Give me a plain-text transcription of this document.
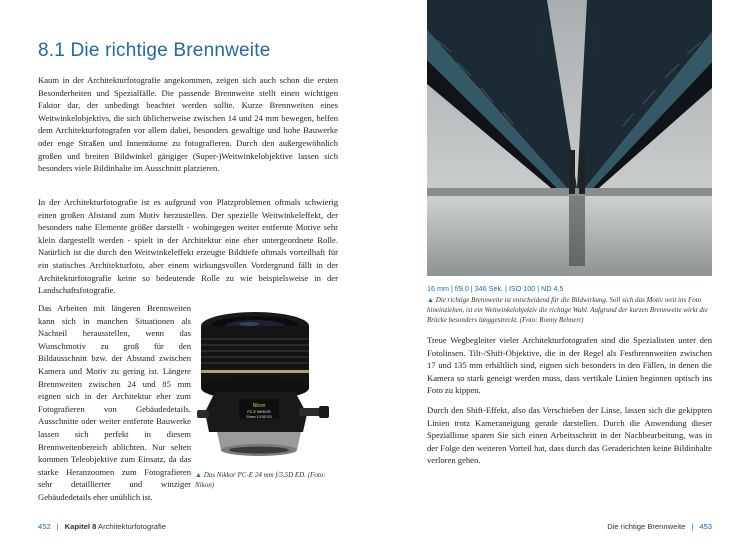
8.1 Die richtige Brennweite

Kaum in der Architekturfotografie angekommen, zeigen sich auch schon die ersten Besonderheiten und Spezialfälle. Die passende Brennweite stellt einen wichtigen Faktor dar, der unbedingt beachtet werden sollte. Kurze Brennweiten eines Weitwinkelobjektivs, die sich üblicherweise zwischen 14 und 24 mm bewegen, helfen dem Architekturfotografen vor allem dabei, besonders gewaltige und hohe Bauwerke oder enge Straßen und Innenräume zu fotografieren. Durch den außergewöhnlich großen und breiten Bildwinkel gängiger (Super-)Weitwinkelobjektive lassen sich besonders viele Bildinhalte im Ausschnitt platzieren.

In der Architekturfotografie ist es aufgrund von Platzproblemen oftmals schwierig einen großen Abstand zum Motiv herzustellen. Der spezielle Weitwinkeleffekt, der besonders nahe Elemente größer darstellt - wohingegen weiter entfernte Motive sehr klein dargestellt werden - spielt in der Architektur eine eher untergeordnete Rolle. Natürlich ist die durch den Weitwinkeleffekt erzeugte Bildtiefe oftmals vorteilhaft für ein statisches Architekturfoto, aber einem wirkungsvollen Vordergrund fällt in der Architekturfotografie keine so bedeutende Rolle zu wie beispielsweise in der Landschaftsfotografie.

Das Arbeiten mit längeren Brennweiten kann sich in manchen Situationen als Nachteil herausstellen, wenn das Wunschmotiv zu groß für den Bildausschnitt bzw. der Abstand zwischen Kamera und Motiv zu gering ist. Längere Brennweiten zwischen 24 und 85 mm eignen sich in der Architektur eher zum Fotografieren von Gebäudedetails. Ausschnitte oder weiter entfernte Bauwerke lassen sich perfekt in diesem Brennweitenbereich ablichten. Nur selten kommen Teleobjektive zum Einsatz, da das starke Heranzoomen zum Fotografieren sehr detaillierter und winziger Gebäudedetails eher unüblich ist.

Nikon
PC-E NIKKOR
24mm 1:3.5D ED

▲ Das Nikkor PC-E 24 mm f/3,5D ED. (Foto: Nikon)

452 | Kapitel 8 Architekturfotografie

16 mm | f/9,0 | 346 Sek. | ISO 100 | ND 4,5

▲ Die richtige Brennweite ist entscheidend für die Bildwirkung. Soll sich das Motiv weit ins Foto hineinziehen, ist ein Weitwinkelobjektiv die richtige Wahl. Aufgrund der kurzen Brennweite wirkt die Brücke besonders langgestreckt. (Foto: Ronny Behnert)

Treue Wegbegleiter vieler Architekturfotografen sind die Spezialisten unter den Fotolinsen. Tilt-/Shift-Objektive, die in der Regel als Festbrennweiten zwischen 17 und 135 mm erhältlich sind, eignen sich besonders in den Fällen, in denen die Kamera so stark geneigt werden muss, dass vertikale Linien beginnen optisch ins Foto zu kippen.

Durch den Shift-Effekt, also das Verschieben der Linse, lassen sich die gekippten Linien trotz Kameraneigung gerade darstellen. Durch die Anwendung dieser Speziallinse sparen Sie sich einen Arbeitsschritt in der Nachbearbeitung, was in der Folge den weiteren Vorteil hat, dass durch das Geraderichten keine Bildinhalte verloren gehen.

Die richtige Brennweite | 453
